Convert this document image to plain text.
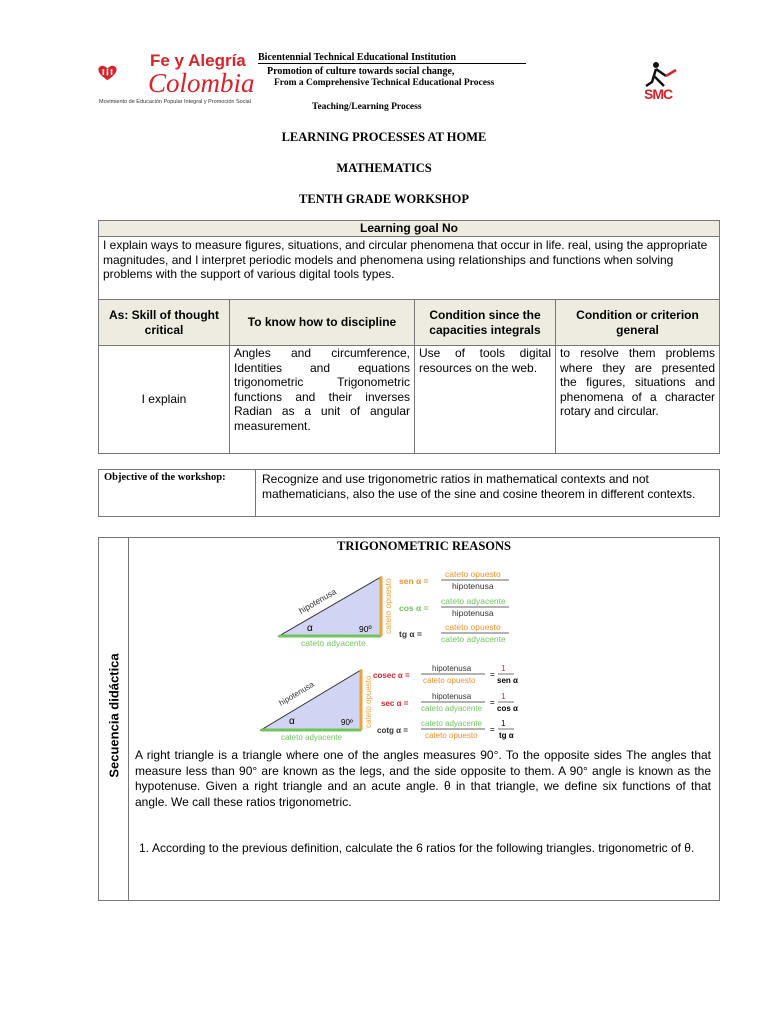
Fe y Alegría
Colombia
Movimiento de Educación Popular Integral y Promoción Social
Bicentennial Technical Educational Institution
Promotion of culture towards social change,
From a Comprehensive Technical Educational Process
Teaching/Learning Process
SMC
LEARNING PROCESSES AT HOME
MATHEMATICS
TENTH GRADE WORKSHOP
Learning goal No			
I explain ways to measure figures, situations, and circular phenomena that occur in life. real, using the appropriate magnitudes, and I interpret periodic models and phenomena using relationships and functions when solving problems with the support of various digital tools types.			
As: Skill of thought critical	To know how to discipline	Condition since the capacities integrals	Condition or criterion general
I explain	Angles and circumference, Identities and equations trigonometric Trigonometric functions and their inverses Radian as a unit of angular measurement.	Use of tools digital resources on the web.	to resolve them problems where they are presented the figures, situations and phenomena of a character rotary and circular.
Objective of the workshop:	Recognize and use trigonometric ratios in mathematical contexts and not mathematicians, also the use of the sine and cosine theorem in different contexts.
Secuencia didáctica
TRIGONOMETRIC REASONS
hipotenusa	cateto opuesto
cateto adyacente
α	90º
sen α =
cateto opuesto
hipotenusa
cos α =
cateto adyacente
hipotenusa
tg α =
cateto opuesto
cateto adyacente
hipotenusa	cateto opuesto
cateto adyacente
α	90º
cosec α =
hipotenusa
cateto opuesto
=
1
sen α
sec α =
hipotenusa
cateto adyacente
=
1
cos α
cotg α =
cateto adyacente
cateto opuesto
=
1
tg α
A right triangle is a triangle where one of the angles measures 90°. To the opposite sides The angles that measure less than 90° are known as the legs, and the side opposite to them. A 90° angle is known as the hypotenuse. Given a right triangle and an acute angle. θ in that triangle, we define six functions of that angle. We call these ratios trigonometric.
1. According to the previous definition, calculate the 6 ratios for the following triangles. trigonometric of θ.
